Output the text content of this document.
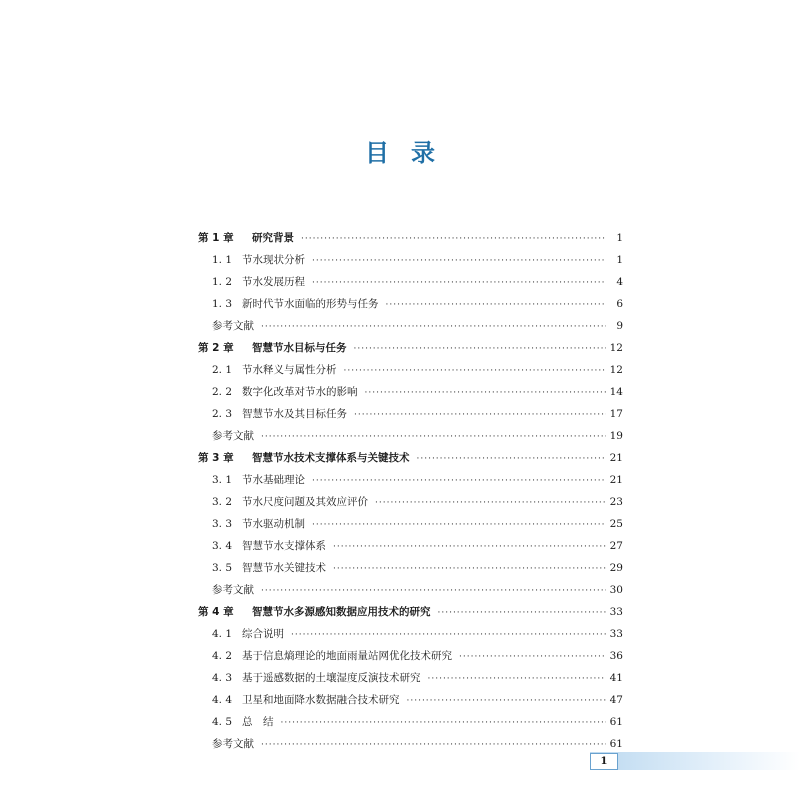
目 录
第 1 章	研究背景 ·····	1
1. 1 节水现状分析 ·····	1
1. 2 节水发展历程 ·····	4
1. 3 新时代节水面临的形势与任务 ·····	6
参考文献 ·····	9
第 2 章	智慧节水目标与任务 ·····	12
2. 1 节水释义与属性分析 ·····	12
2. 2 数字化改革对节水的影响 ·····	14
2. 3 智慧节水及其目标任务 ·····	17
参考文献 ·····	19
第 3 章	智慧节水技术支撑体系与关键技术 ·····	21
3. 1 节水基础理论 ·····	21
3. 2 节水尺度问题及其效应评价 ·····	23
3. 3 节水驱动机制 ·····	25
3. 4 智慧节水支撑体系 ·····	27
3. 5 智慧节水关键技术 ·····	29
参考文献 ·····	30
第 4 章	智慧节水多源感知数据应用技术的研究 ·····	33
4. 1 综合说明 ·····	33
4. 2 基于信息熵理论的地面雨量站网优化技术研究 ·····	36
4. 3 基于遥感数据的土壤湿度反演技术研究 ·····	41
4. 4 卫星和地面降水数据融合技术研究 ·····	47
4. 5 总　结 ·····	61
参考文献 ·····	61
1
